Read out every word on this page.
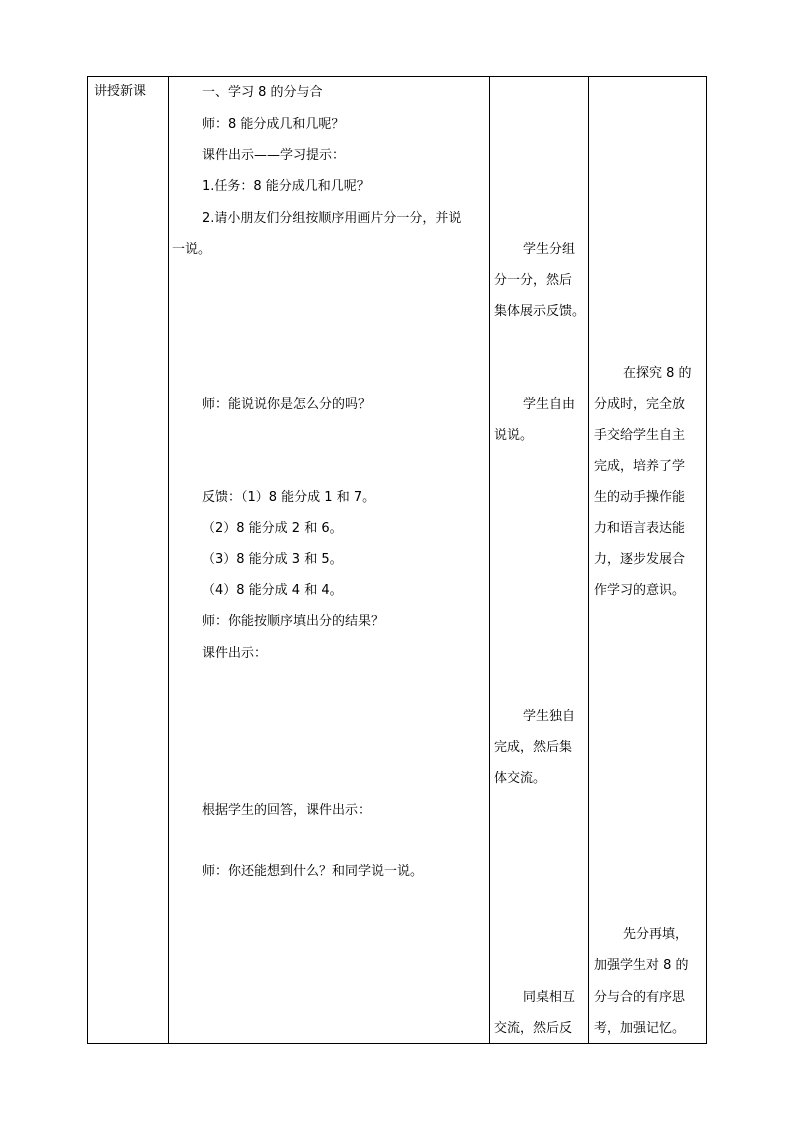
讲授新课	一、学习 8 的分与合
师：8 能分成几和几呢？
课件出示——学习提示：
1.任务：8 能分成几和几呢？
2.请小朋友们分组按顺序用画片分一分，并说
一说。
师：能说说你是怎么分的吗？
反馈：（1）8 能分成 1 和 7。
（2）8 能分成 2 和 6。
（3）8 能分成 3 和 5。
（4）8 能分成 4 和 4。
师：你能按顺序填出分的结果？
课件出示：
根据学生的回答，课件出示：
师：你还能想到什么？和同学说一说。
学生分组
分一分，然后
集体展示反馈。
学生自由
说说。
学生独自
完成，然后集
体交流。
同桌相互
交流，然后反
在探究 8 的
分成时，完全放
手交给学生自主
完成，培养了学
生的动手操作能
力和语言表达能
力，逐步发展合
作学习的意识。
先分再填，
加强学生对 8 的
分与合的有序思
考，加强记忆。
